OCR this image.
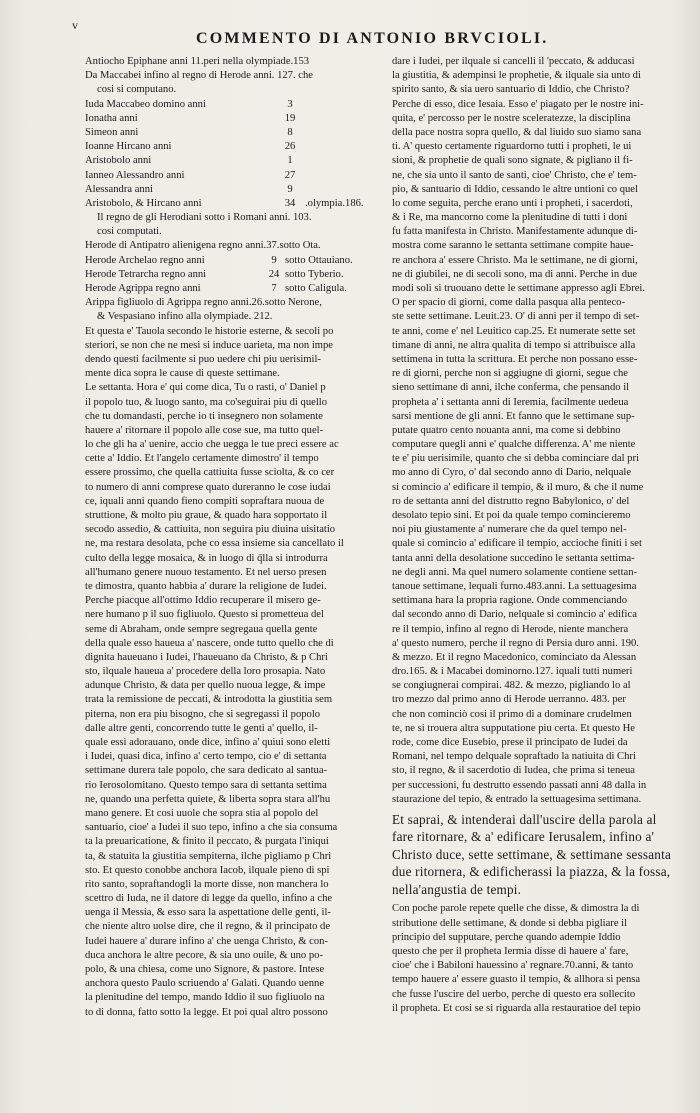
v
COMMENTO DI ANTONIO BRVCIOLI.
Antiocho Epiphane anni 11.peri nella olympiade.153
Da Maccabei infino al regno di Herode anni. 127. che
cosi si computano.
Iuda Maccabeo domino anni	3
Ionatha anni	19
Simeon anni	8
Ioanne Hircano anni	26
Aristobolo anni	1
Ianneo Alessandro anni	27
Alessandra anni	9
Aristobolo, & Hircano anni	34 .olympia.186.
Il regno de gli Herodiani sotto i Romani anni. 103.
cosi computati.
Herode di Antipatro alienigena regno anni.37.sotto Ota.
Herode Archelao regno anni	9 sotto Ottauiano.
Herode Tetrarcha regno anni	24 sotto Tyberio.
Herode Agrippa regno anni	7 sotto Caligula.
Arippa figliuolo di Agrippa regno anni.26.sotto Nerone,
& Vespasiano infino alla olympiade. 212.
Et questa e' Tauola secondo le historie esterne, & secoli po
steriori, se non che ne mesi si induce uarieta, ma non impe
dendo questi facilmente si puo uedere chi piu uerisimil-
mente dica sopra le cause di queste settimane.
Le settanta. Hora e' qui come dica, Tu o rasti, o' Daniel p
il popolo tuo, & luogo santo, ma co'seguirai piu di quello
che tu domandasti, perche io ti insegnero non solamente
hauere a' ritornare il popolo alle cose sue, ma tutto quel-
lo che gli ha a' uenire, accio che uegga le tue preci essere ac
cette a' Iddio. Et l'angelo certamente dimostro' il tempo
essere prossimo, che quella cattiuita fusse sciolta, & co cer
to numero di anni comprese quato dureranno le cose iudai
ce, iquali anni quando fieno compiti sopraftara nuoua de
struttione, & molto piu graue, & quado hara sopportato il
secodo assedio, & cattiuita, non seguira piu diuina uisitatio
ne, ma restara desolata, pche co essa insieme sia cancellato il
culto della legge mosaica, & in luogo di q̄lla si introdurra
all'humano genere nuouo testamento. Et nel uerso presen
te dimostra, quanto habbia a' durare la religione de Iudei.
Perche piacque all'ottimo Iddio recuperare il misero ge-
nere humano p il suo figliuolo. Questo si prometteua del
seme di Abraham, onde sempre segregaua quella gente
della quale esso haueua a' nascere, onde tutto quello che di
dignita haueuano i Iudei, l'haueuano da Christo, & p Chri
sto, ilquale haueua a' procedere della loro prosapia. Nato
adunque Christo, & data per quello nuoua legge, & impe
trata la remissione de peccati, & introdotta la giustitia sem
piterna, non era piu bisogno, che si segregassi il popolo
dalle altre genti, concorrendo tutte le genti a' quello, il-
quale essi adorauano, onde dice, infino a' quiui sono eletti
i Iudei, quasi dica, infino a' certo tempo, cio e' di settanta
settimane durera tale popolo, che sara dedicato al santua-
rio Ierosolomitano. Questo tempo sara di settanta settima
ne, quando una perfetta quiete, & liberta sopra stara all'hu
mano genere. Et cosi uuole che sopra stia al popolo del
santuario, cioe' a Iudei il suo tepo, infino a che sia consuma
ta la preuaricatione, & finito il peccato, & purgata l'iniqui
ta, & statuita la giustitia sempiterna, ilche pigliamo p Chri
sto. Et questo conobbe anchora Iacob, ilquale pieno di spi
rito santo, sopraftandogli la morte disse, non manchera lo
scettro di Iuda, ne il datore di legge da quello, infino a che
uenga il Messia, & esso sara la aspettatione delle genti, il-
che niente altro uolse dire, che il regno, & il principato de
Iudei hauere a' durare infino a' che uenga Christo, & con-
duca anchora le altre pecore, & sia uno ouile, & uno po-
polo, & una chiesa, come uno Signore, & pastore. Intese
anchora questo Paulo scriuendo a' Galati. Quando uenne
la plenitudine del tempo, mando Iddio il suo figliuolo na
to di donna, fatto sotto la legge. Et poi qual altro possono
dare i Iudei, per ilquale si cancelli il 'peccato, & adducasi
la giustitia, & adempinsi le prophetie, & ilquale sia unto di
spirito santo, & sia uero santuario di Iddio, che Christo?
Perche di esso, dice Iesaia. Esso e' piagato per le nostre ini-
quita, e' percosso per le nostre sceleratezze, la disciplina
della pace nostra sopra quello, & dal liuido suo siamo sana
ti. A' questo certamente riguardorno tutti i propheti, le ui
sioni, & prophetie de quali sono signate, & pigliano il fi-
ne, che sia unto il santo de santi, cioe' Christo, che e' tem-
pio, & santuario di Iddio, cessando le altre untioni co quel
lo come seguita, perche erano unti i propheti, i sacerdoti,
& i Re, ma mancorno come la plenitudine di tutti i doni
fu fatta manifesta in Christo. Manifestamente adunque di-
mostra come saranno le settanta settimane compite haue-
re anchora a' essere Christo. Ma le settimane, ne di giorni,
ne di giubilei, ne di secoli sono, ma di anni. Perche in due
modi soli si truouano dette le settimane appresso agli Ebrei.
O per spacio di giorni, come dalla pasqua alla penteco-
ste sette settimane. Leuit.23. O' di anni per il tempo di set-
te anni, come e' nel Leuitico cap.25. Et numerate sette set
timane di anni, ne altra qualita di tempo si attribuisce alla
settimena in tutta la scrittura. Et perche non possano esse-
re di giorni, perche non si aggiugne di giorni, segue che
sieno settimane di anni, ilche conferma, che pensando il
propheta a' i settanta anni di Ieremia, facilmente uedeua
sarsi mentione de gli anni. Et fanno que le settimane sup-
putate quatro cento nouanta anni, ma come si debbino
computare quegli anni e' qualche differenza. A' me niente
te e' piu uerisimile, quanto che si debba cominciare dal pri
mo anno di Cyro, o' dal secondo anno di Dario, nelquale
si comincio a' edificare il tempio, & il muro, & che il nume
ro de settanta anni del distrutto regno Babylonico, o' del
desolato tepio sini. Et poi da quale tempo comincieremo
noi piu giustamente a' numerare che da quel tempo nel-
quale si comincio a' edificare il tempio, accioche finiti i set
tanta anni della desolatione succedino le settanta settima-
ne degli anni. Ma quel numero solamente contiene settan-
tanoue settimane, lequali furno.483.anni. La settuagesima
settimana hara la propria ragione. Onde commenciando
dal secondo anno di Dario, nelquale si comincio a' edifica
re il tempio, infino al regno di Herode, niente manchera
a' questo numero, perche il regno di Persia duro anni. 190.
& mezzo. Et il regno Macedonico, cominciato da Alessan
dro.165. & i Macabei dominorno.127. iquali tutti numeri
se congiugnerai compirai. 482. & mezzo, pigliando lo al
tro mezzo dal primo anno di Herode uerranno. 483. per
che non cominciò cosi il primo di a dominare crudelmen
te, ne si trouera altra supputatione piu certa. Et questo He
rode, come dice Eusebio, prese il principato de Iudei da
Romani, nel tempo delquale sopraftado la natiuita di Chri
sto, il regno, & il sacerdotio di Iudea, che prima si teneua
per successioni, fu destrutto essendo passati anni 48 dalla in
staurazione del tepio, & entrado la settuagesima settimana.
Et saprai, & intenderai dall'uscire della parola al
fare ritornare, & a' edificare Ierusalem, infino a'
Christo duce, sette settimane, & settimane sessanta
due ritornera, & edificherassi la piazza, & la fossa,
nella'angustia de tempi.
Con poche parole repete quelle che disse, & dimostra la di
stributione delle settimane, & donde si debba pigliare il
principio del supputare, perche quando adempie Iddio
questo che per il propheta Iermia disse di hauere a' fare,
cioe' che i Babiloni hauessino a' regnare.70.anni, & tanto
tempo hauere a' essere guasto il tempio, & allhora si pensa
che fusse l'uscire del uerbo, perche di questo era sollecito
il propheta. Et cosi se si riguarda alla restauratioe del tepio
